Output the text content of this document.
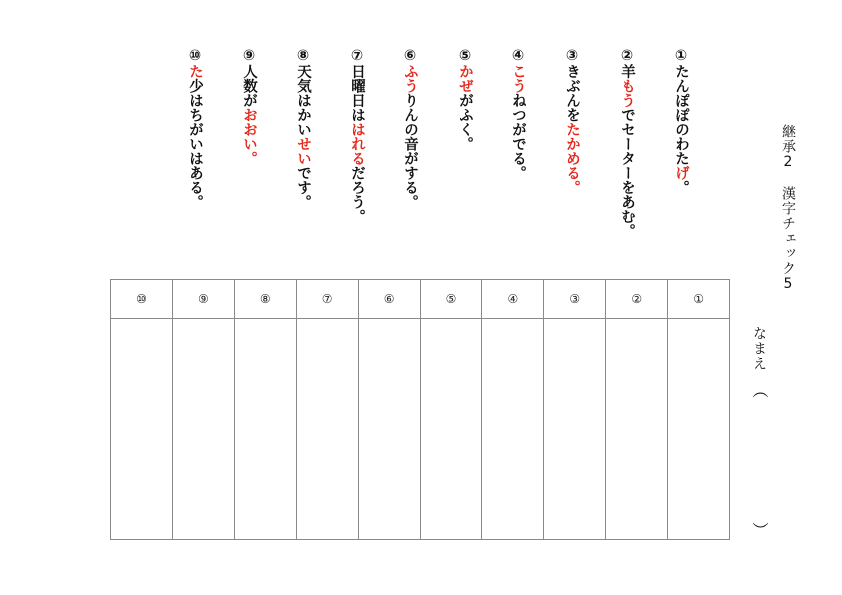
継承2　漢字チェック5
なまえ
（
）
①たんぽぽのわたげ。
②羊もうでセーターをあむ。
③きぶんをたかめる。
④こうねつがでる。
⑤かぜがふく。
⑥ふうりんの音がする。
⑦日曜日ははれるだろう。
⑧天気はかいせいです。
⑨人数がおおい。
⑩た少はちがいはある。
⑩	⑨	⑧	⑦	⑥	⑤	④	③	②	①
